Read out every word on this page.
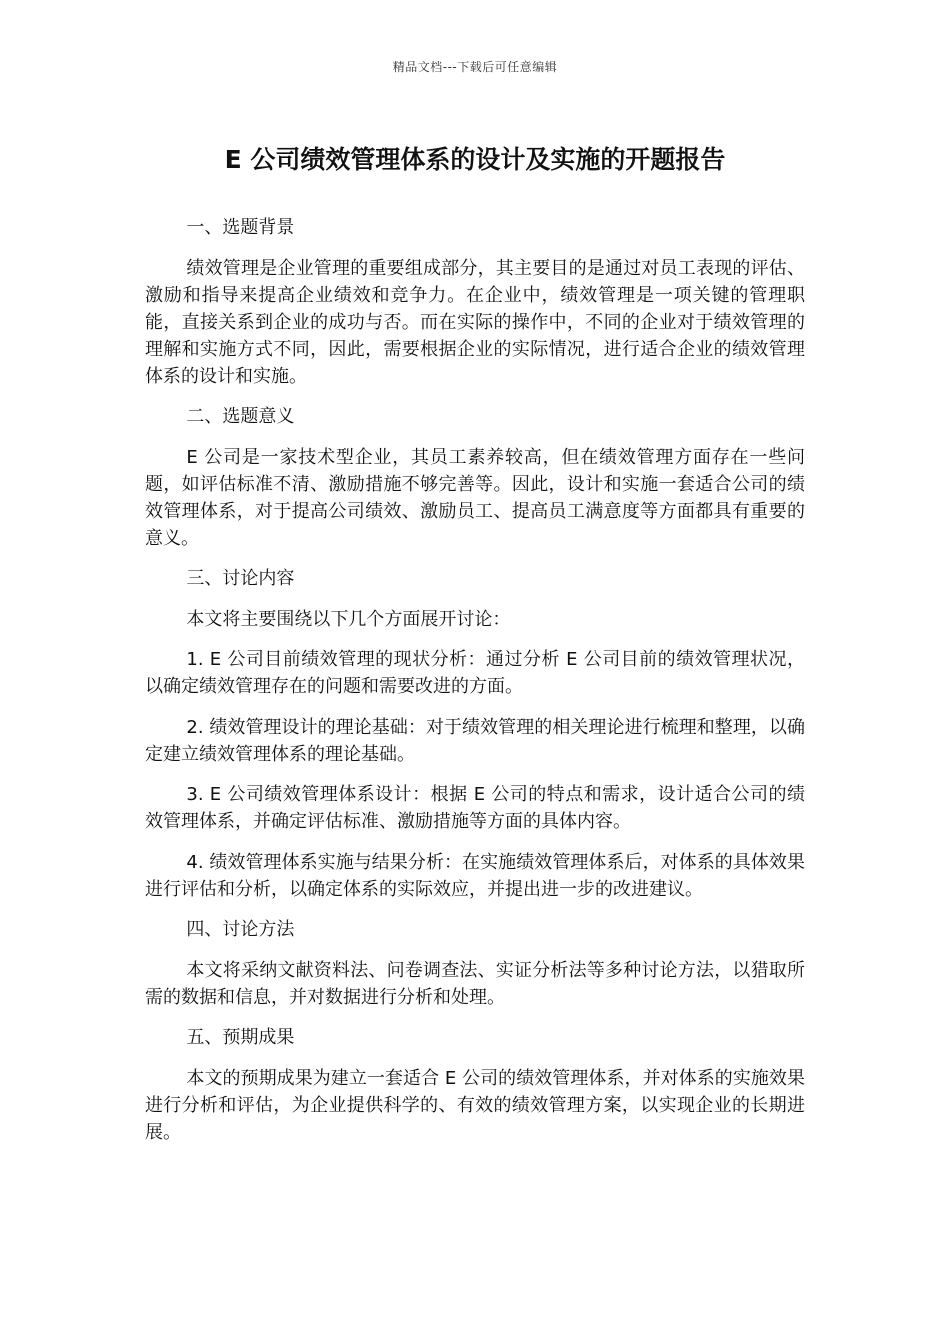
精品文档---下载后可任意编辑
E 公司绩效管理体系的设计及实施的开题报告

一、选题背景

绩效管理是企业管理的重要组成部分，其主要目的是通过对员工表现的评估、激励和指导来提高企业绩效和竞争力。在企业中，绩效管理是一项关键的管理职能，直接关系到企业的成功与否。而在实际的操作中，不同的企业对于绩效管理的理解和实施方式不同，因此，需要根据企业的实际情况，进行适合企业的绩效管理体系的设计和实施。

二、选题意义

E 公司是一家技术型企业，其员工素养较高，但在绩效管理方面存在一些问题，如评估标准不清、激励措施不够完善等。因此，设计和实施一套适合公司的绩效管理体系，对于提高公司绩效、激励员工、提高员工满意度等方面都具有重要的意义。

三、讨论内容

本文将主要围绕以下几个方面展开讨论：

1. E 公司目前绩效管理的现状分析：通过分析 E 公司目前的绩效管理状况，以确定绩效管理存在的问题和需要改进的方面。

2. 绩效管理设计的理论基础：对于绩效管理的相关理论进行梳理和整理，以确定建立绩效管理体系的理论基础。

3. E 公司绩效管理体系设计：根据 E 公司的特点和需求，设计适合公司的绩效管理体系，并确定评估标准、激励措施等方面的具体内容。

4. 绩效管理体系实施与结果分析：在实施绩效管理体系后，对体系的具体效果进行评估和分析，以确定体系的实际效应，并提出进一步的改进建议。

四、讨论方法

本文将采纳文献资料法、问卷调查法、实证分析法等多种讨论方法，以猎取所需的数据和信息，并对数据进行分析和处理。

五、预期成果

本文的预期成果为建立一套适合 E 公司的绩效管理体系，并对体系的实施效果进行分析和评估，为企业提供科学的、有效的绩效管理方案，以实现企业的长期进展。
